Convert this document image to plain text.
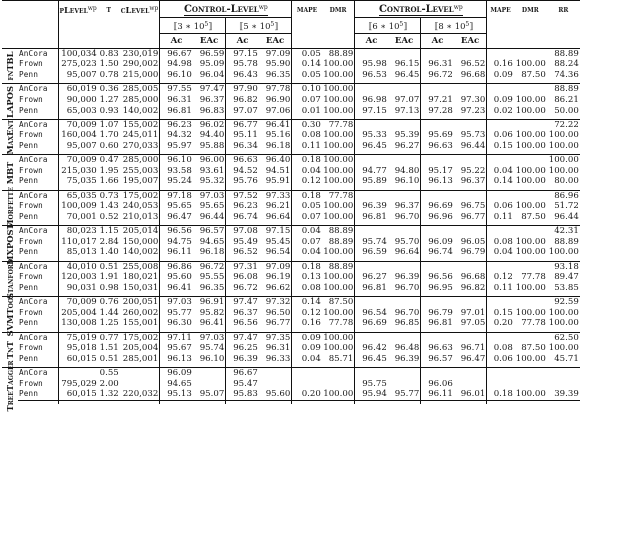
		pLevel$^{wp}$	τ	cLevel$^{wp}$	Control-Level$^{wp}$				mape	dmr	Control-Level$^{wp}$				mape	dmr	rr
					⟦3 ∗ $10^5⟧$		⟦5 ∗ $10^5⟧$				⟦6 ∗ $10^5⟧$		⟦8 ∗ $10^5⟧$				
					Ac	EAc	Ac	EAc			Ac	EAc	Ac	EAc			

fnTBL	AnCora	100,034	0.83	230,019	96.67	96.59	97.15	97.09	0.05	88.89							88.89
	Frown	275,023	1.50	290,002	94.98	95.09	95.78	95.90	0.14	100.00	95.98	96.15	96.31	96.52	0.16	100.00	88.24
	Penn	95,007	0.78	215,000	96.10	96.04	96.43	96.35	0.05	100.00	96.53	96.45	96.72	96.68	0.09	87.50	74.36

LAPOS	AnCora	60,019	0.36	285,005	97.55	97.47	97.90	97.78	0.10	100.00							88.89
	Frown	90,000	1.27	285,000	96.31	96.37	96.82	96.90	0.07	100.00	96.98	97.07	97.21	97.30	0.09	100.00	86.21
	Penn	65,003	0.93	140,002	96.81	96.83	97.07	97.06	0.01	100.00	97.15	97.13	97.28	97.23	0.02	100.00	50.00

MaxEnt	AnCora	70,009	1.07	155,002	96.23	96.02	96.77	96.41	0.30	77.78							72.22
	Frown	160,004	1.70	245,011	94.32	94.40	95.11	95.16	0.08	100.00	95.33	95.39	95.69	95.73	0.06	100.00	100.00
	Penn	95,007	0.60	270,033	95.97	95.88	96.34	96.18	0.11	100.00	96.45	96.27	96.63	96.44	0.15	100.00	100.00

MBT	AnCora	70,009	0.47	285,000	96.10	96.00	96.63	96.40	0.18	100.00							100.00
	Frown	215,030	1.95	255,003	93.58	93.61	94.52	94.51	0.04	100.00	94.77	94.80	95.17	95.22	0.04	100.00	100.00
	Penn	75,035	1.66	195,007	95.24	95.32	95.76	95.91	0.12	100.00	95.89	96.10	96.13	96.37	0.14	100.00	80.00

Morfette	AnCora	65,035	0.73	175,002	97.18	97.03	97.52	97.33	0.18	77.78							86.96
	Frown	100,009	1.43	240,053	95.65	95.65	96.23	96.21	0.05	100.00	96.39	96.37	96.69	96.75	0.06	100.00	51.72
	Penn	70,001	0.52	210,013	96.47	96.44	96.74	96.64	0.07	100.00	96.81	96.70	96.96	96.77	0.11	87.50	96.44

MXPOST	AnCora	80,023	1.15	205,014	96.56	96.57	97.08	97.15	0.04	88.89							42.31
	Frown	110,017	2.84	150,000	94.75	94.65	95.49	95.45	0.07	88.89	95.74	95.70	96.09	96.05	0.08	100.00	88.89
	Penn	85,013	1.40	140,002	96.11	96.18	96.52	96.54	0.04	100.00	96.59	96.64	96.74	96.79	0.04	100.00	100.00

Stanford	AnCora	40,010	0.51	255,008	96.86	96.72	97.31	97.09	0.18	88.89							93.18
	Frown	120,003	1.91	180,021	95.60	95.55	96.08	96.19	0.13	100.00	96.27	96.39	96.56	96.68	0.12	77.78	89.47
	Penn	90,031	0.98	150,031	96.41	96.35	96.72	96.62	0.08	100.00	96.81	96.70	96.95	96.82	0.11	100.00	53.85

SVMTool	AnCora	70,009	0.76	200,051	97.03	96.91	97.47	97.32	0.14	87.50							92.59
	Frown	205,004	1.44	260,002	95.77	95.82	96.37	96.50	0.12	100.00	96.54	96.70	96.79	97.01	0.15	100.00	100.00
	Penn	130,008	1.25	155,001	96.30	96.41	96.56	96.77	0.16	77.78	96.69	96.85	96.81	97.05	0.20	77.78	100.00

TnT	AnCora	75,019	0.77	175,002	97.11	97.03	97.47	97.35	0.09	100.00							62.50
	Frown	95,018	1.51	205,004	95.67	95.74	96.25	96.31	0.09	100.00	96.42	96.48	96.63	96.71	0.08	87.50	100.00
	Penn	60,015	0.51	285,001	96.13	96.10	96.39	96.33	0.04	85.71	96.45	96.39	96.57	96.47	0.06	100.00	45.71

TreeTagger	AnCora		0.55		96.09		96.67										
	Frown	795,029	2.00		94.65		95.47				95.75		96.06				
	Penn	60,015	1.32	220,032	95.13	95.07	95.83	95.60	0.20	100.00	95.94	95.77	96.11	96.01	0.18	100.00	39.39
